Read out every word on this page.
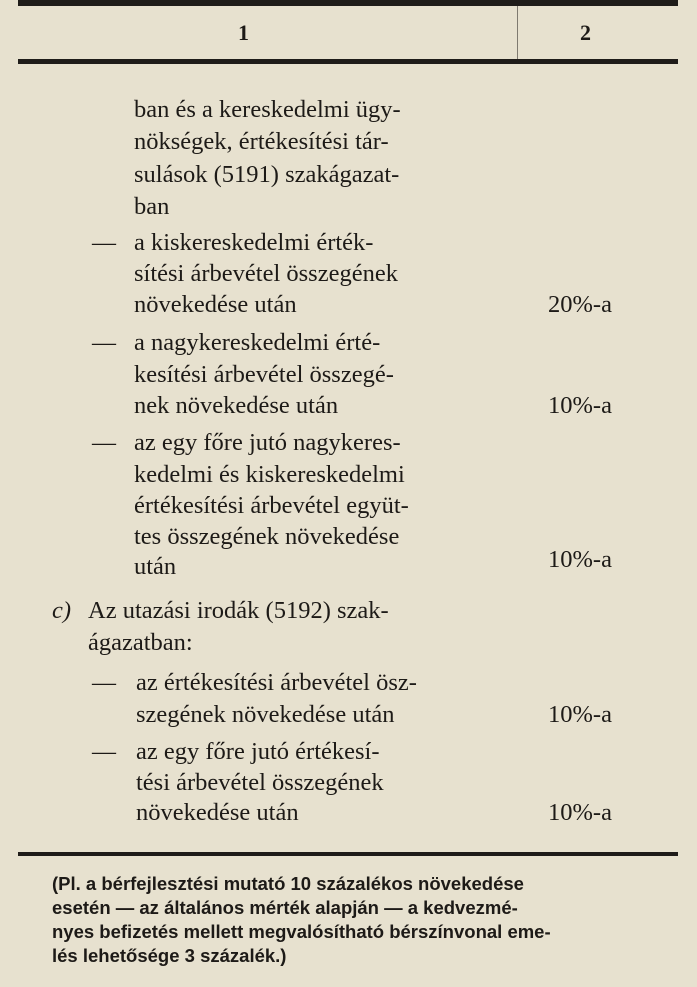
1	2
ban és a kereskedelmi ügy-
nökségek, értékesítési tár-
sulások (5191) szakágazat-
ban
— a kiskereskedelmi érték-
sítési árbevétel összegének
növekedése után	20%-a
— a nagykereskedelmi érté-
kesítési árbevétel összegé-
nek növekedése után	10%-a
— az egy főre jutó nagykeres-
kedelmi és kiskereskedelmi
értékesítési árbevétel együt-
tes összegének növekedése
után	10%-a
c) Az utazási irodák (5192) szak-
ágazatban:
— az értékesítési árbevétel ösz-
szegének növekedése után	10%-a
— az egy főre jutó értékesí-
tési árbevétel összegének
növekedése után	10%-a
(Pl. a bérfejlesztési mutató 10 százalékos növekedése
esetén — az általános mérték alapján — a kedvezmé-
nyes befizetés mellett megvalósítható bérszínvonal eme-
lés lehetősége 3 százalék.)
